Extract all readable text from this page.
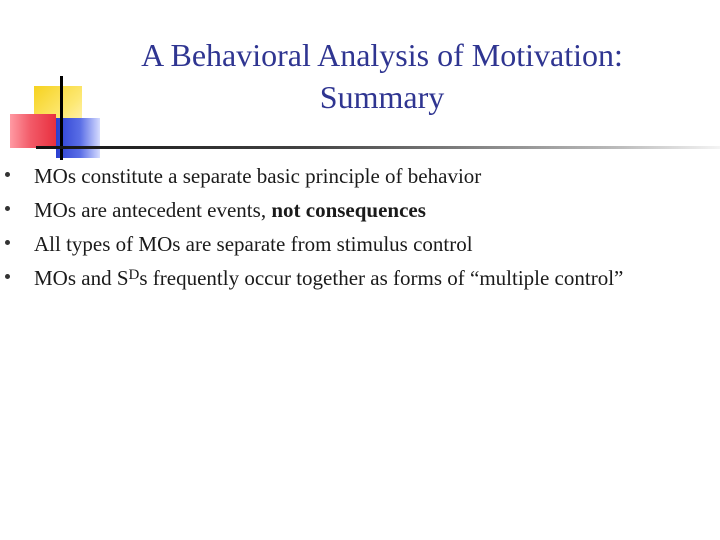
A Behavioral Analysis of Motivation:
Summary
MOs constitute a separate basic principle of behavior
MOs are antecedent events, not consequences
All types of MOs are separate from stimulus control
MOs and $S^Ds$ frequently occur together as forms of “multiple control”
